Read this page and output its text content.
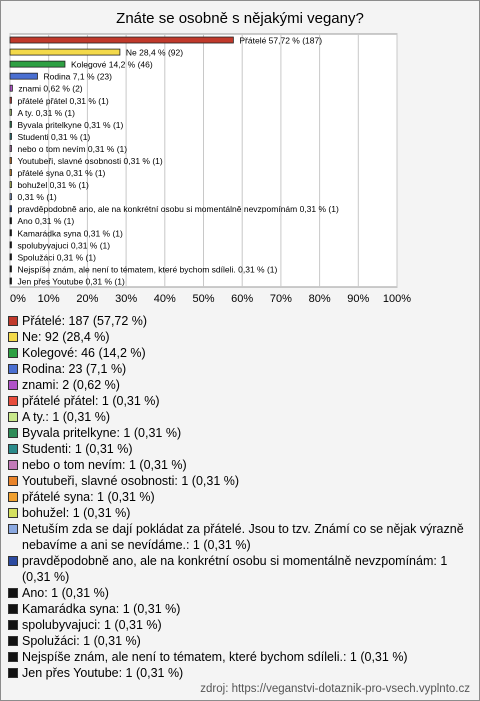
Znáte se osobně s nějakými vegany?
Přátelé 57,72 % (187)
Ne 28,4 % (92)
Kolegové 14,2 % (46)
Rodina 7,1 % (23)
znami 0,62 % (2)
přátelé přátel 0,31 % (1)
A ty. 0,31 % (1)
Byvala pritelkyne 0,31 % (1)
Studenti 0,31 % (1)
nebo o tom nevím 0,31 % (1)
Youtubeři, slavné osobnosti 0,31 % (1)
přátelé syna 0,31 % (1)
bohužel 0,31 % (1)
0,31 % (1)
pravděpodobně ano, ale na konkrétní osobu si momentálně nevzpomínám 0,31 % (1)
Ano 0,31 % (1)
Kamarádka syna 0,31 % (1)
spolubyvajuci 0,31 % (1)
Spolužáci 0,31 % (1)
Nejspíše znám, ale není to tématem, které bychom sdíleli. 0,31 % (1)
Jen přes Youtube 0,31 % (1)
0% 10% 20% 30% 40% 50% 60% 70% 80% 90% 100%
Přátelé: 187 (57,72 %)
Ne: 92 (28,4 %)
Kolegové: 46 (14,2 %)
Rodina: 23 (7,1 %)
znami: 2 (0,62 %)
přátelé přátel: 1 (0,31 %)
A ty.: 1 (0,31 %)
Byvala pritelkyne: 1 (0,31 %)
Studenti: 1 (0,31 %)
nebo o tom nevím: 1 (0,31 %)
Youtubeři, slavné osobnosti: 1 (0,31 %)
přátelé syna: 1 (0,31 %)
bohužel: 1 (0,31 %)
Netuším zda se dají pokládat za přátelé. Jsou to tzv. Známí co se nějak výrazně nebavíme a ani se nevídáme.: 1 (0,31 %)
pravděpodobně ano, ale na konkrétní osobu si momentálně nevzpomínám: 1 (0,31 %)
Ano: 1 (0,31 %)
Kamarádka syna: 1 (0,31 %)
spolubyvajuci: 1 (0,31 %)
Spolužáci: 1 (0,31 %)
Nejspíše znám, ale není to tématem, které bychom sdíleli.: 1 (0,31 %)
Jen přes Youtube: 1 (0,31 %)
zdroj: https://veganstvi-dotaznik-pro-vsech.vyplnto.cz
